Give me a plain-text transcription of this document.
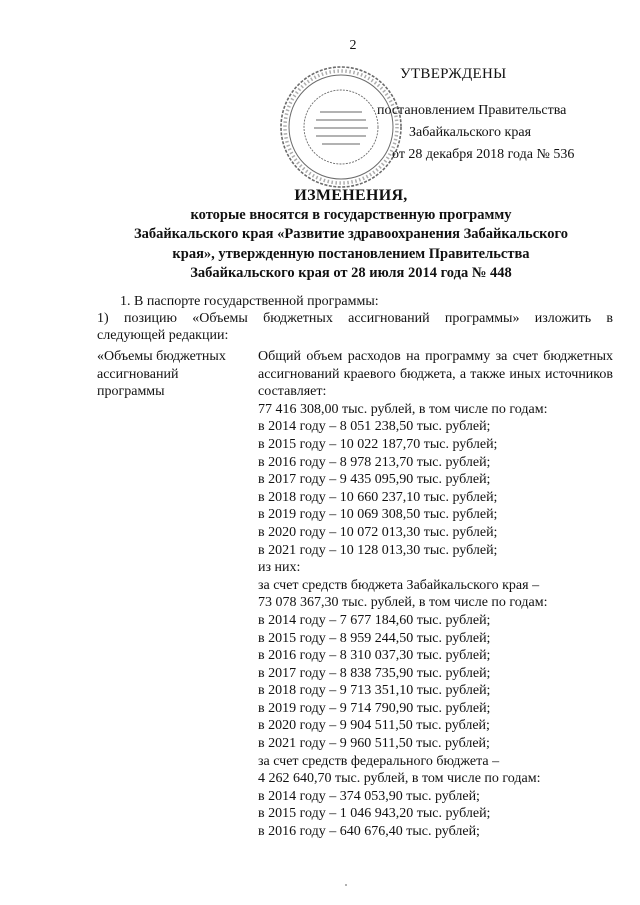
2
УТВЕРЖДЕНЫ
постановлением Правительства
Забайкальского края
от 28 декабря 2018 года № 536
ИЗМЕНЕНИЯ,
которые вносятся в государственную программу
Забайкальского края «Развитие здравоохранения Забайкальского
края», утвержденную постановлением Правительства
Забайкальского края от 28 июля 2014 года № 448
1. В паспорте государственной программы:
1) позицию «Объемы бюджетных ассигнований программы» изложить в
следующей редакции:
«Объемы бюджетных
ассигнований
программы
Общий объем расходов на программу за счет бюджетных ассигнований краевого бюджета, а также иных источников составляет:
77 416 308,00 тыс. рублей, в том числе по годам:
в 2014 году – 8 051 238,50 тыс. рублей;
в 2015 году – 10 022 187,70 тыс. рублей;
в 2016 году – 8 978 213,70 тыс. рублей;
в 2017 году – 9 435 095,90 тыс. рублей;
в 2018 году – 10 660 237,10 тыс. рублей;
в 2019 году – 10 069 308,50 тыс. рублей;
в 2020 году – 10 072 013,30 тыс. рублей;
в 2021 году – 10 128 013,30 тыс. рублей;
из них:
за счет средств бюджета Забайкальского края –
73 078 367,30 тыс. рублей, в том числе по годам:
в 2014 году – 7 677 184,60 тыс. рублей;
в 2015 году – 8 959 244,50 тыс. рублей;
в 2016 году – 8 310 037,30 тыс. рублей;
в 2017 году – 8 838 735,90 тыс. рублей;
в 2018 году – 9 713 351,10 тыс. рублей;
в 2019 году – 9 714 790,90 тыс. рублей;
в 2020 году – 9 904 511,50 тыс. рублей;
в 2021 году – 9 960 511,50 тыс. рублей;
за счет средств федерального бюджета –
4 262 640,70 тыс. рублей, в том числе по годам:
в 2014 году – 374 053,90 тыс. рублей;
в 2015 году – 1 046 943,20 тыс. рублей;
в 2016 году – 640 676,40 тыс. рублей;
